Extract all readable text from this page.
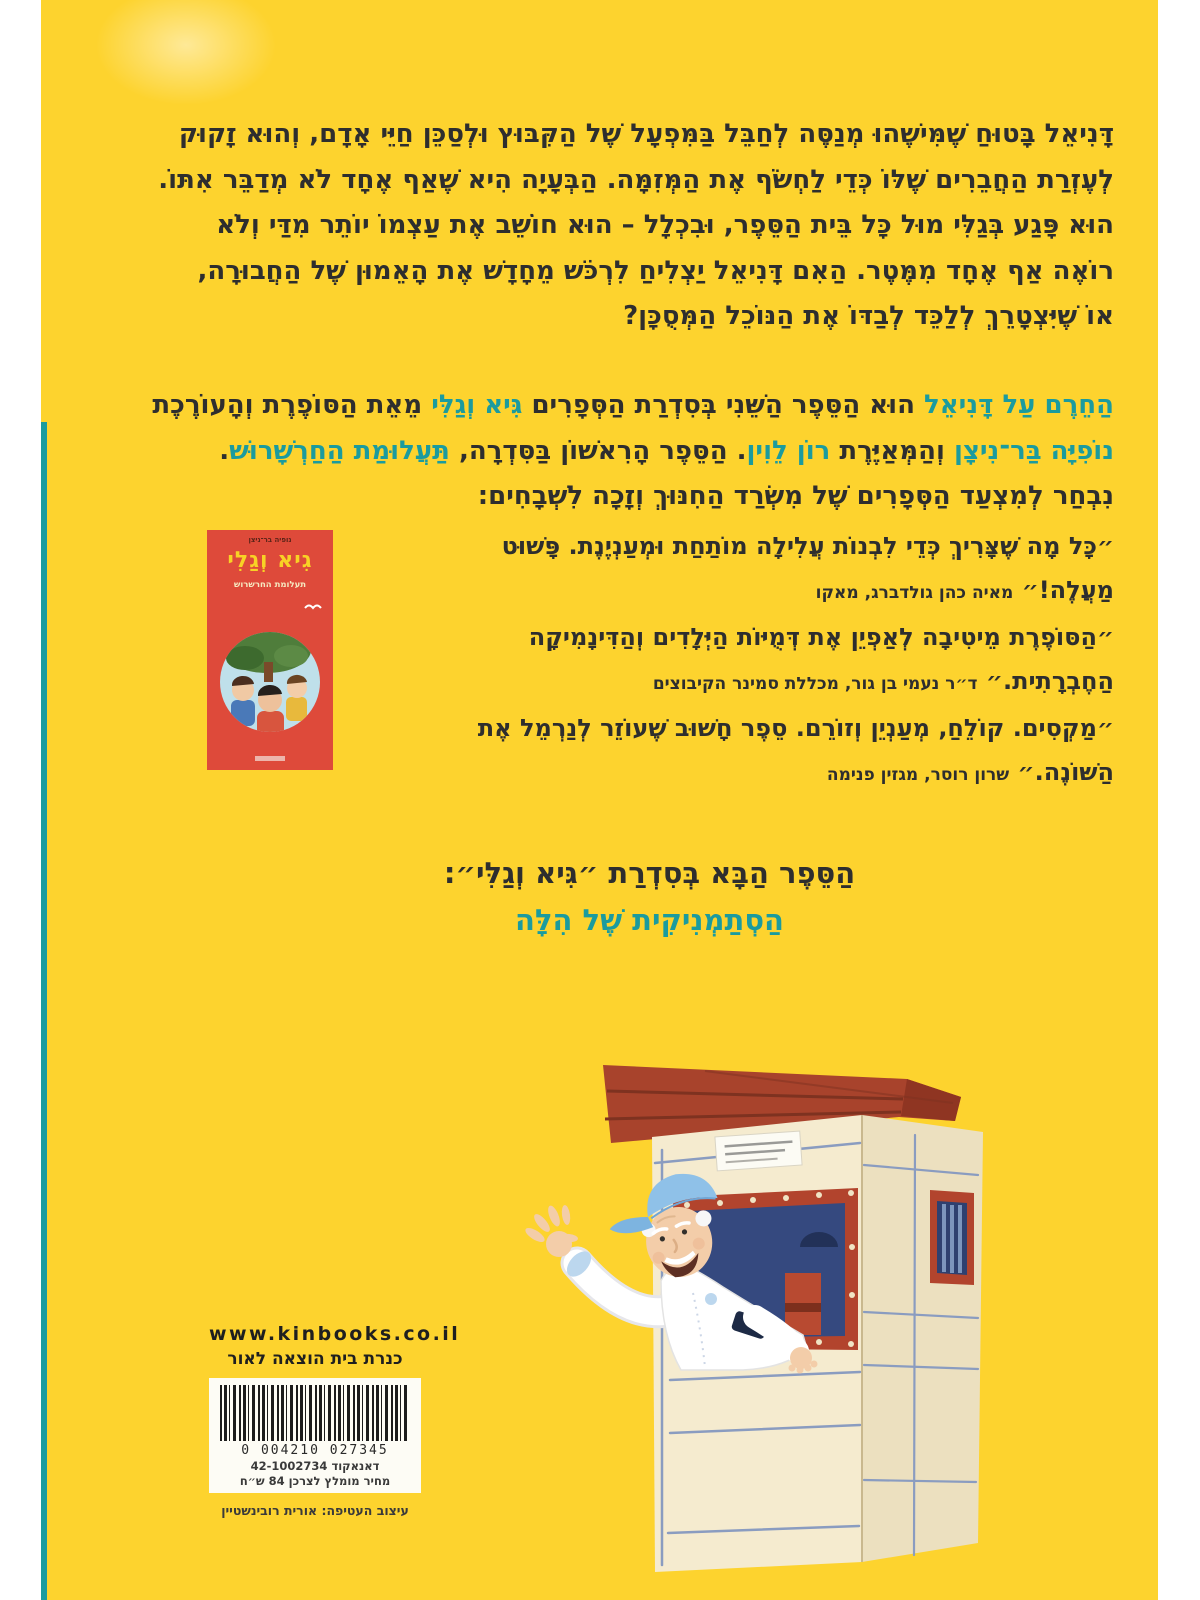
דָּנִיאֵל בָּטוּחַ שֶׁמִּישֶׁהוּ מְנַסֶּה לְחַבֵּל בַּמִּפְעָל שֶׁל הַקִּבּוּץ וּלְסַכֵּן חַיֵּי אָדָם, וְהוּא זָקוּק
לְעֶזְרַת הַחֲבֵרִים שֶׁלּוֹ כְּדֵי לַחְשֹׂף אֶת הַמְּזִמָּה. הַבְּעָיָה הִיא שֶׁאַף אֶחָד לֹא מְדַבֵּר אִתּוֹ.
הוּא פָּגַע בְּגַלִּי מוּל כָּל בֵּית הַסֵּפֶר, וּבִכְלָל – הוּא חוֹשֵׁב אֶת עַצְמוֹ יוֹתֵר מִדַּי וְלֹא
רוֹאֶה אַף אֶחָד מִמֶּטֶר. הַאִם דָּנִיאֵל יַצְלִיחַ לִרְכֹּשׁ מֵחָדָשׁ אֶת הָאֵמוּן שֶׁל הַחֲבוּרָה,
אוֹ שֶׁיִּצְטָרֵךְ לְלַכֵּד לְבַדּוֹ אֶת הַנּוֹכֵל הַמְּסֻכָּן?
הַחֵרֶם עַל דָּנִיאֵל הוּא הַסֵּפֶר הַשֵּׁנִי בְּסִדְרַת הַסְּפָרִים גִּיא וְגַלִּי מֵאֵת הַסּוֹפֶרֶת וְהָעוֹרֶכֶת
נוֹפִיָּה בַּר־נִיצָן וְהַמְּאַיֶּרֶת רוֹן לֵוִין. הַסֵּפֶר הָרִאשׁוֹן בַּסִּדְרָה, תַּעֲלוּמַת הַחַרְשָׁרוּשׁ.
נִבְחַר לְמִצְעַד הַסְּפָרִים שֶׁל מִשְׂרַד הַחִנּוּךְ וְזָכָה לִשְׁבָחִים:
נופיה בר־ניצן
גִיא וְגַלִי
תעלומת החרשרוש
״כָּל מָה שֶׁצָּרִיךְ כְּדֵי לִבְנוֹת עֲלִילָה מוֹתַחַת וּמְעַנְיֶנֶת. פָּשׁוּט
מַעֲלֶה!״ מאיה כהן גולדברג, מאקו
״הַסּוֹפֶרֶת מֵיטִיבָה לְאַפְיֵן אֶת דְּמֻיּוֹת הַיְּלָדִים וְהַדִּינָמִיקָה
הַחֶבְרָתִית.״ ד״ר נעמי בן גור, מכללת סמינר הקיבוצים
״מַקְסִים. קוֹלֵחַ, מְעַנְיֵן וְזוֹרֵם. סֵפֶר חָשׁוּב שֶׁעוֹזֵר לְנַרְמֵל אֶת
הַשּׁוֹנֶה.״ שרון רוסר, מגזין פנימה
הַסֵּפֶר הַבָּא בְּסִדְרַת ״גִּיא וְגַלִּי״:
הַסְתַמְנִיקִית שֶׁל הִלָּה
www.kinbooks.co.il
כנרת בית הוצאה לאור
0 004210 027345
דאנאקוד 42-1002734
מחיר מומלץ לצרכן 84 ש״ח
עיצוב העטיפה: אורית רובינשטיין
